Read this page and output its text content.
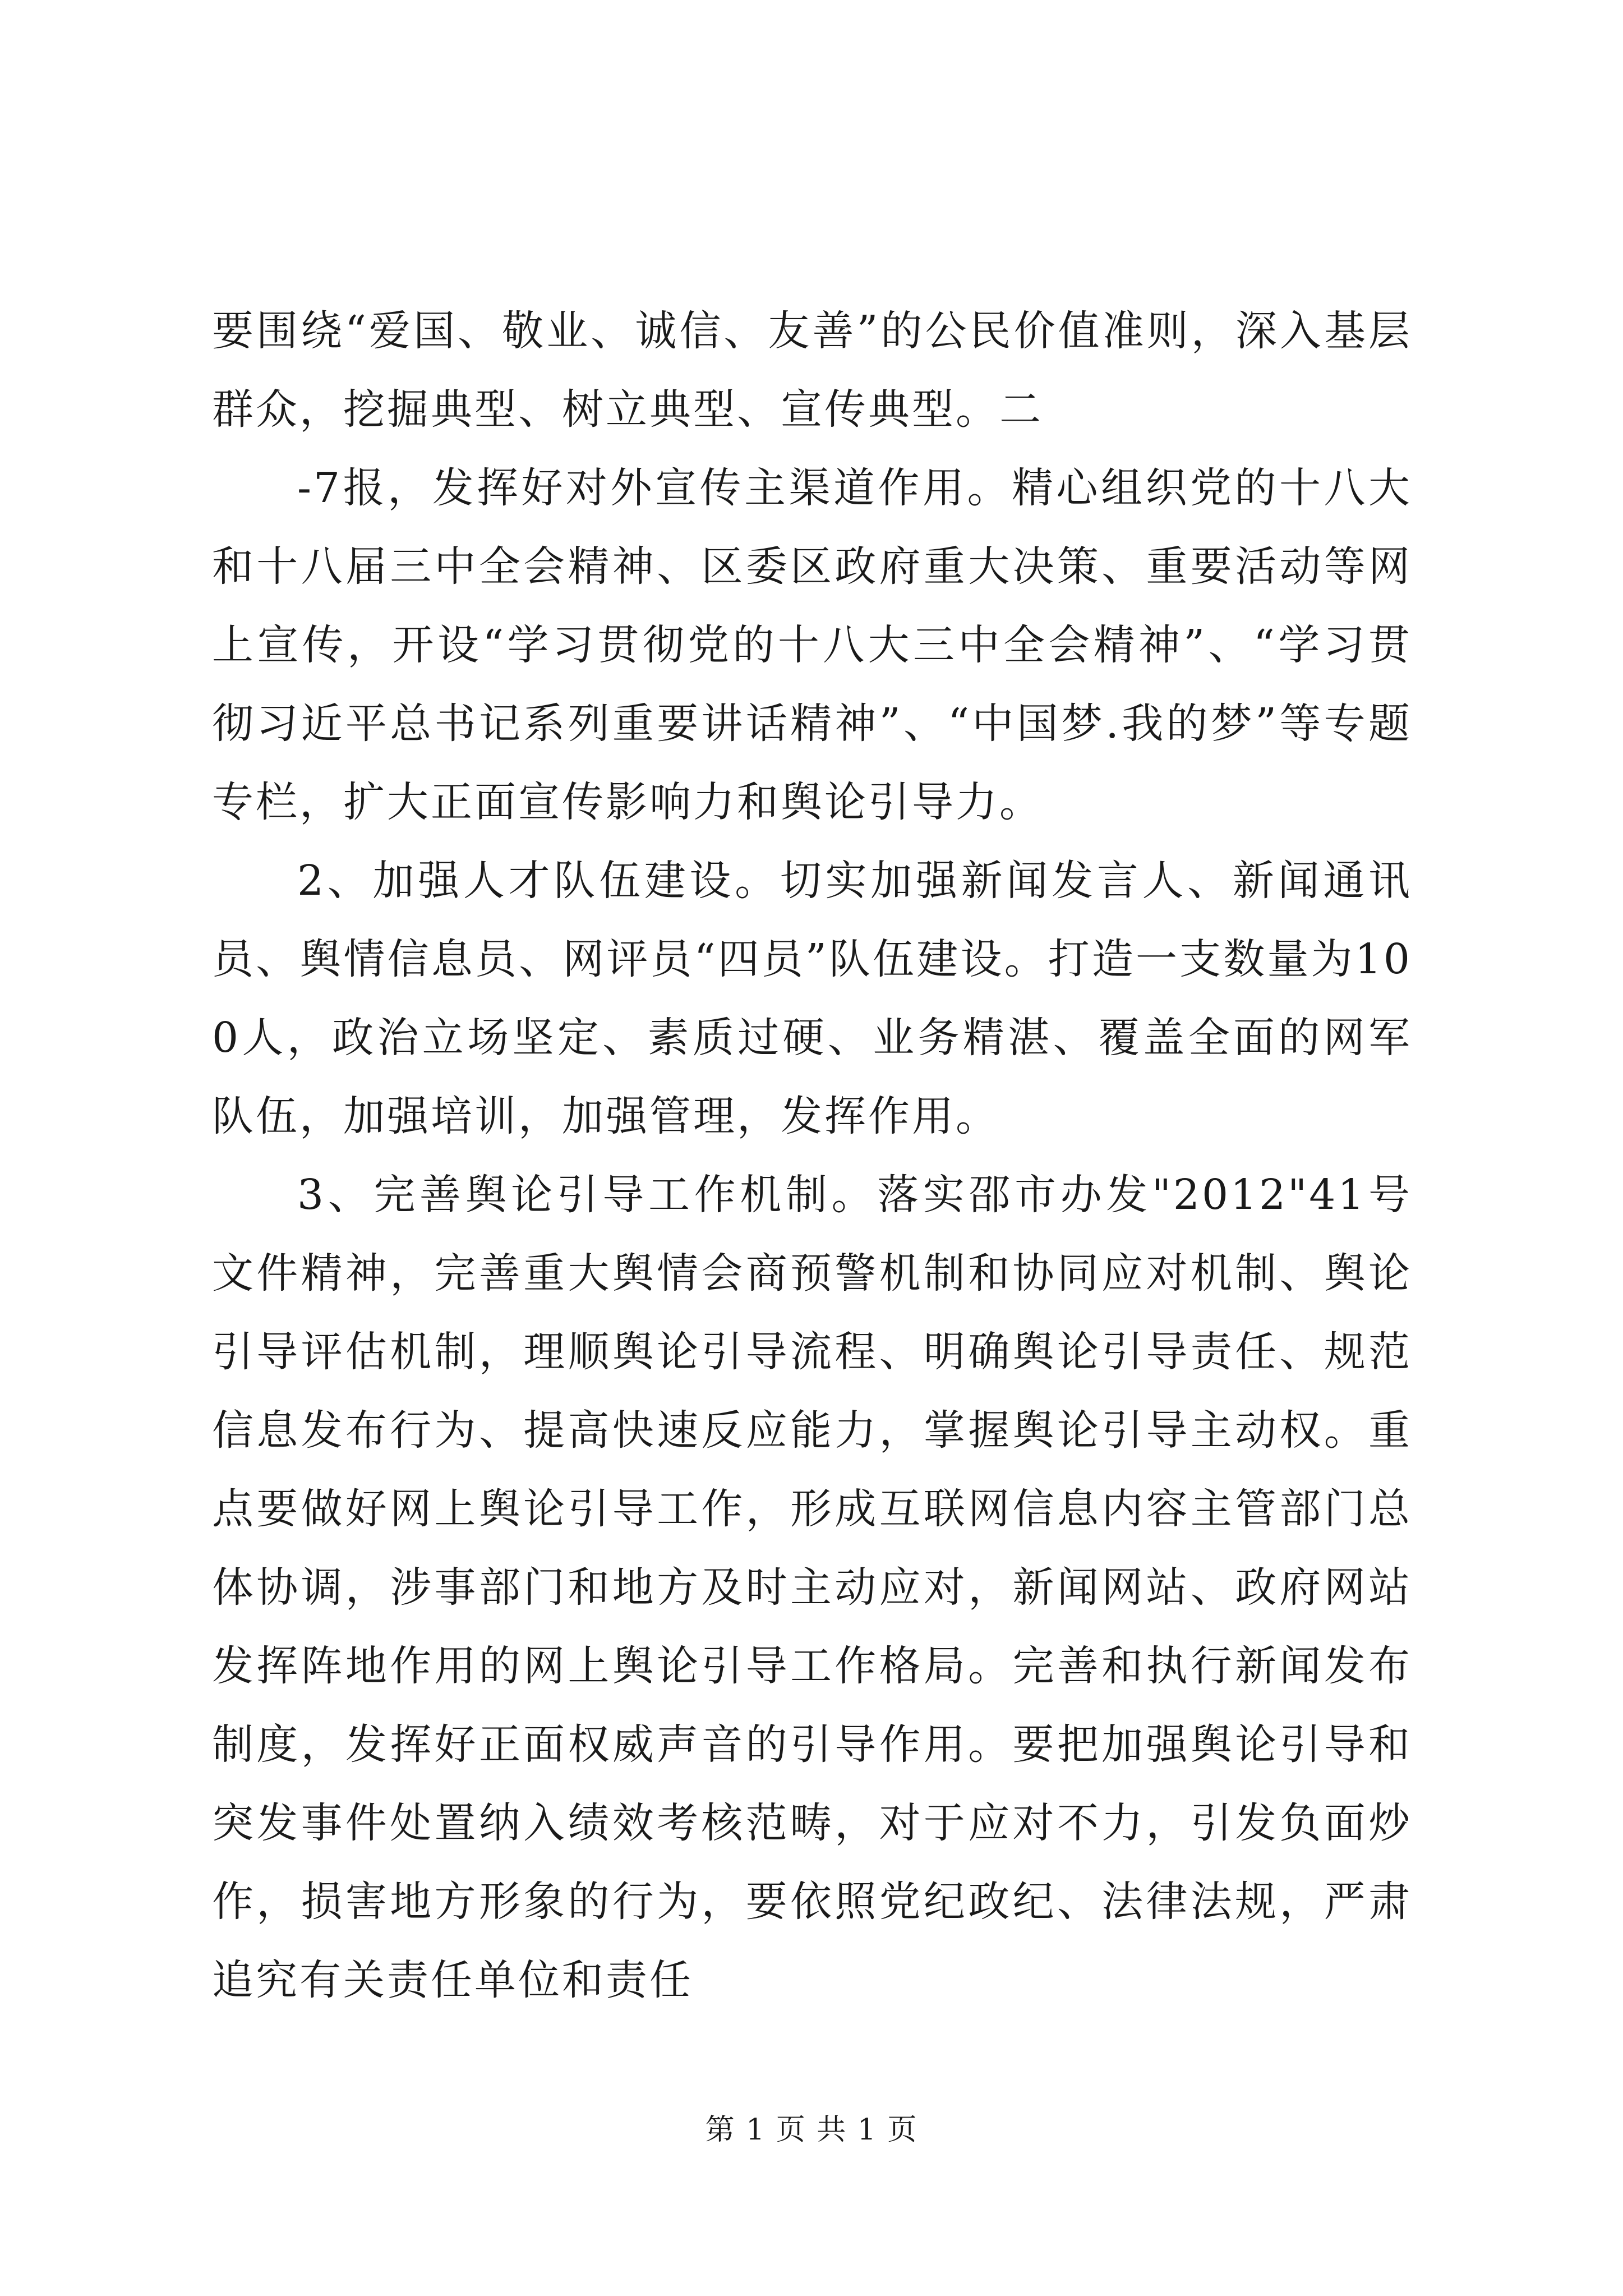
要围绕“爱国、敬业、诚信、友善”的公民价值准则，深入基层群众，挖掘典型、树立典型、宣传典型。二

-7报，发挥好对外宣传主渠道作用。精心组织党的十八大和十八届三中全会精神、区委区政府重大决策、重要活动等网上宣传，开设“学习贯彻党的十八大三中全会精神”、“学习贯彻习近平总书记系列重要讲话精神”、“中国梦.我的梦”等专题专栏，扩大正面宣传影响力和舆论引导力。

2、加强人才队伍建设。切实加强新闻发言人、新闻通讯员、舆情信息员、网评员“四员”队伍建设。打造一支数量为100人，政治立场坚定、素质过硬、业务精湛、覆盖全面的网军队伍，加强培训，加强管理，发挥作用。

3、完善舆论引导工作机制。落实邵市办发"2012"41号文件精神，完善重大舆情会商预警机制和协同应对机制、舆论引导评估机制，理顺舆论引导流程、明确舆论引导责任、规范信息发布行为、提高快速反应能力，掌握舆论引导主动权。重点要做好网上舆论引导工作，形成互联网信息内容主管部门总体协调，涉事部门和地方及时主动应对，新闻网站、政府网站发挥阵地作用的网上舆论引导工作格局。完善和执行新闻发布制度，发挥好正面权威声音的引导作用。要把加强舆论引导和突发事件处置纳入绩效考核范畴，对于应对不力，引发负面炒作，损害地方形象的行为，要依照党纪政纪、法律法规，严肃追究有关责任单位和责任

第 1 页 共 1 页
